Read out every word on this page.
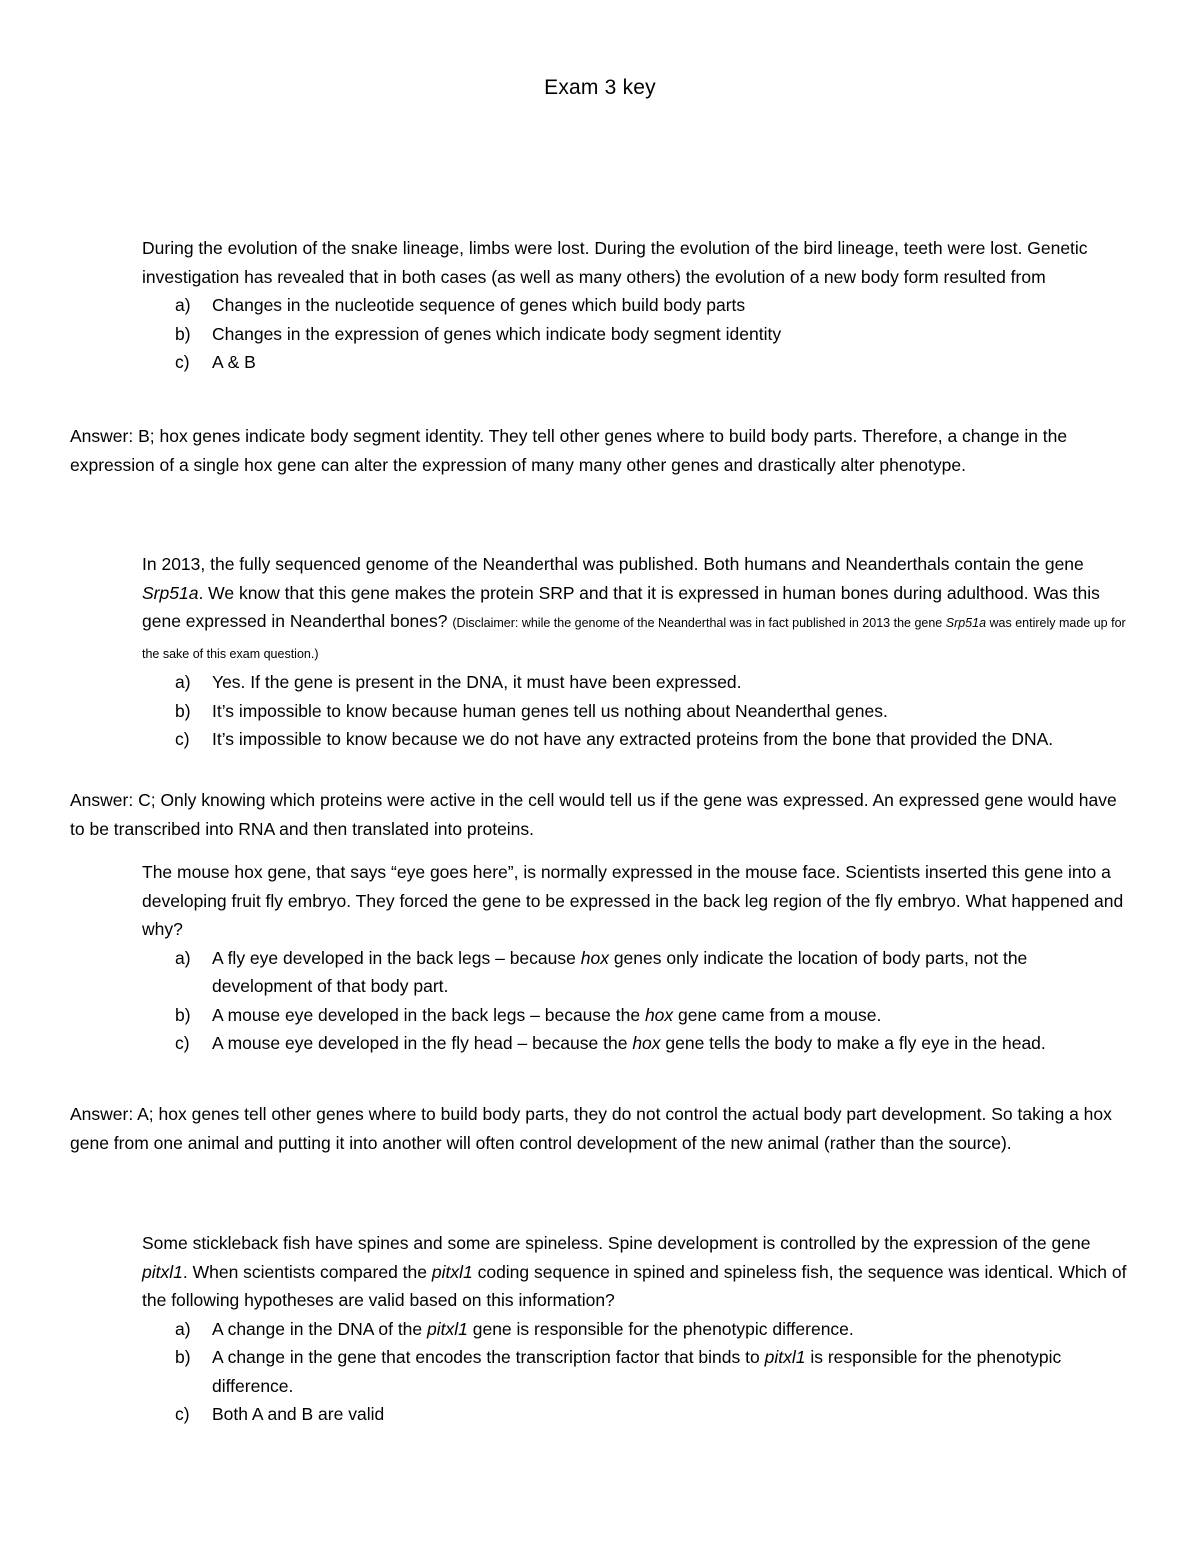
Exam 3 key
During the evolution of the snake lineage, limbs were lost. During the evolution of the bird lineage, teeth were lost. Genetic investigation has revealed that in both cases (as well as many others) the evolution of a new body form resulted from
a) Changes in the nucleotide sequence of genes which build body parts
b) Changes in the expression of genes which indicate body segment identity
c) A & B
Answer: B; hox genes indicate body segment identity. They tell other genes where to build body parts. Therefore, a change in the expression of a single hox gene can alter the expression of many many other genes and drastically alter phenotype.
In 2013, the fully sequenced genome of the Neanderthal was published. Both humans and Neanderthals contain the gene Srp51a. We know that this gene makes the protein SRP and that it is expressed in human bones during adulthood. Was this gene expressed in Neanderthal bones? (Disclaimer: while the genome of the Neanderthal was in fact published in 2013 the gene Srp51a was entirely made up for the sake of this exam question.)
a) Yes. If the gene is present in the DNA, it must have been expressed.
b) It’s impossible to know because human genes tell us nothing about Neanderthal genes.
c) It’s impossible to know because we do not have any extracted proteins from the bone that provided the DNA.
Answer: C; Only knowing which proteins were active in the cell would tell us if the gene was expressed. An expressed gene would have to be transcribed into RNA and then translated into proteins.
The mouse hox gene, that says “eye goes here”, is normally expressed in the mouse face. Scientists inserted this gene into a developing fruit fly embryo. They forced the gene to be expressed in the back leg region of the fly embryo. What happened and why?
a) A fly eye developed in the back legs – because hox genes only indicate the location of body parts, not the development of that body part.
b) A mouse eye developed in the back legs – because the hox gene came from a mouse.
c) A mouse eye developed in the fly head – because the hox gene tells the body to make a fly eye in the head.
Answer: A; hox genes tell other genes where to build body parts, they do not control the actual body part development. So taking a hox gene from one animal and putting it into another will often control development of the new animal (rather than the source).
Some stickleback fish have spines and some are spineless. Spine development is controlled by the expression of the gene pitxl1. When scientists compared the pitxl1 coding sequence in spined and spineless fish, the sequence was identical. Which of the following hypotheses are valid based on this information?
a) A change in the DNA of the pitxl1 gene is responsible for the phenotypic difference.
b) A change in the gene that encodes the transcription factor that binds to pitxl1 is responsible for the phenotypic difference.
c) Both A and B are valid
